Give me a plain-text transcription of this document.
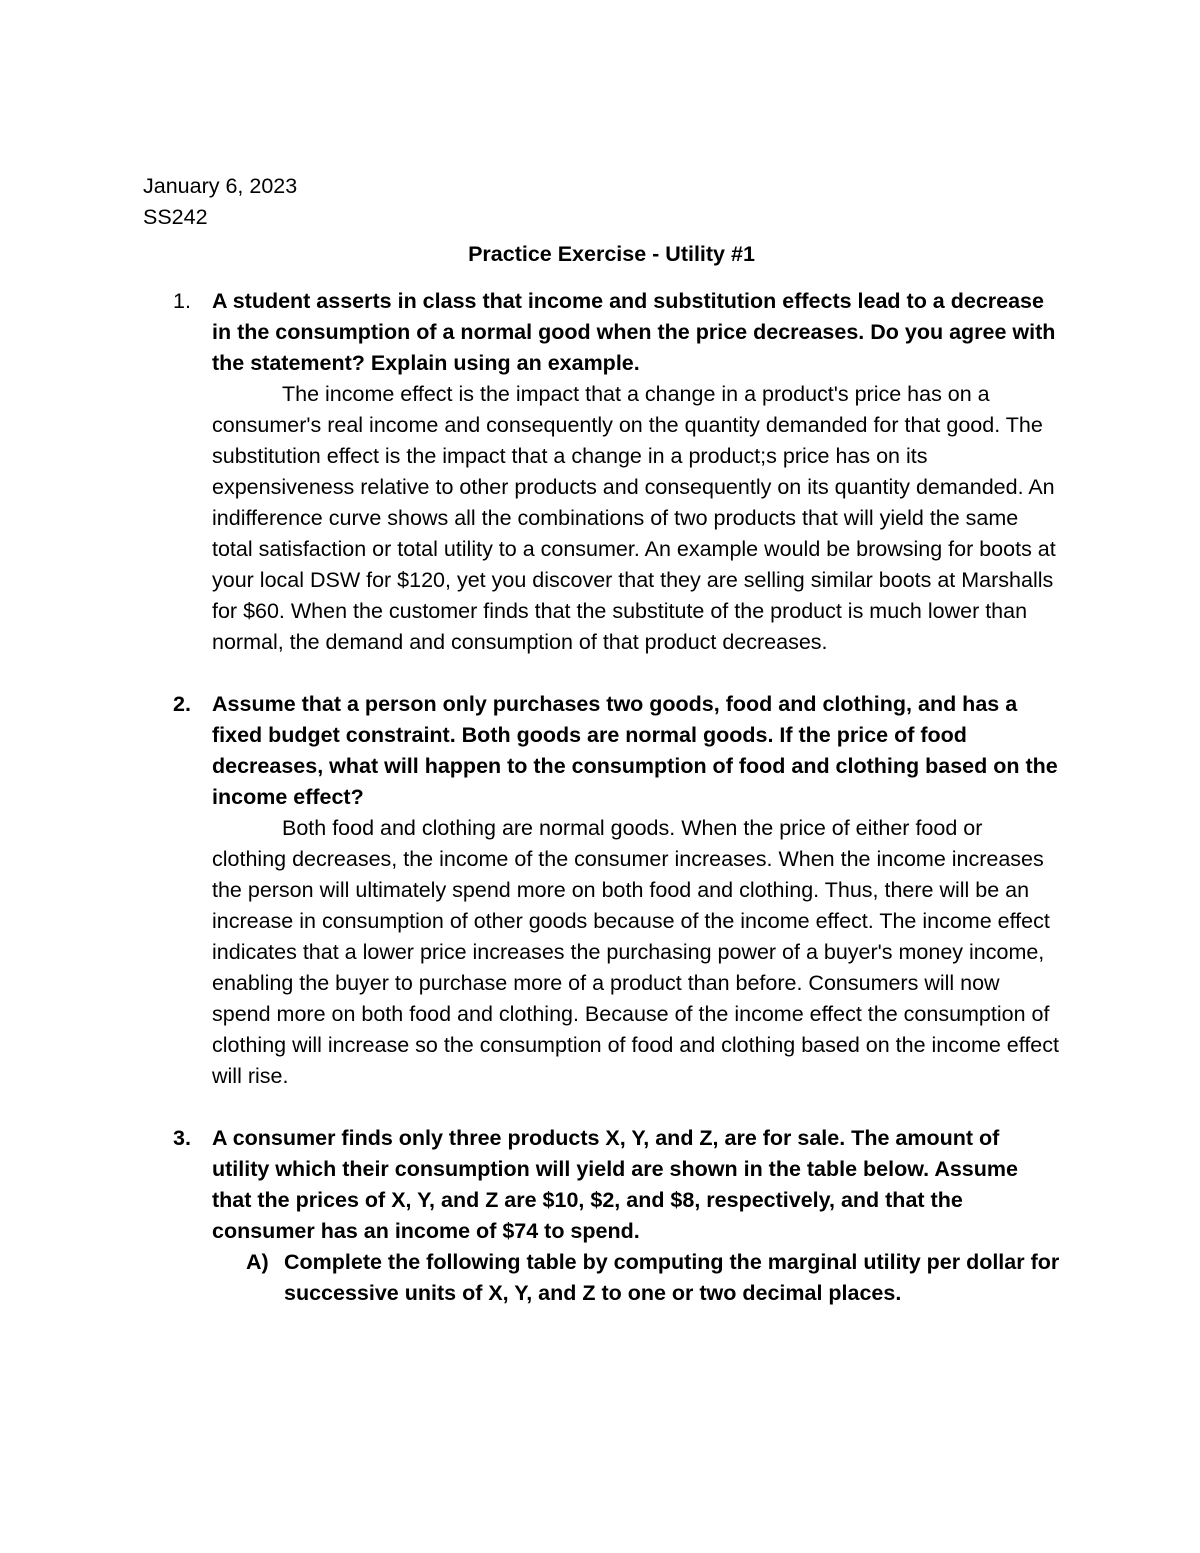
January 6, 2023
SS242
Practice Exercise - Utility #1
1. A student asserts in class that income and substitution effects lead to a decrease in the consumption of a normal good when the price decreases. Do you agree with the statement? Explain using an example.
The income effect is the impact that a change in a product's price has on a consumer's real income and consequently on the quantity demanded for that good. The substitution effect is the impact that a change in a product;s price has on its expensiveness relative to other products and consequently on its quantity demanded. An indifference curve shows all the combinations of two products that will yield the same total satisfaction or total utility to a consumer. An example would be browsing for boots at your local DSW for $120, yet you discover that they are selling similar boots at Marshalls for $60. When the customer finds that the substitute of the product is much lower than normal, the demand and consumption of that product decreases.
2. Assume that a person only purchases two goods, food and clothing, and has a fixed budget constraint. Both goods are normal goods. If the price of food decreases, what will happen to the consumption of food and clothing based on the income effect?
Both food and clothing are normal goods. When the price of either food or clothing decreases, the income of the consumer increases. When the income increases the person will ultimately spend more on both food and clothing. Thus, there will be an increase in consumption of other goods because of the income effect. The income effect indicates that a lower price increases the purchasing power of a buyer's money income, enabling the buyer to purchase more of a product than before. Consumers will now spend more on both food and clothing. Because of the income effect the consumption of clothing will increase so the consumption of food and clothing based on the income effect will rise.
3. A consumer finds only three products X, Y, and Z, are for sale. The amount of utility which their consumption will yield are shown in the table below. Assume that the prices of X, Y, and Z are $10, $2, and $8, respectively, and that the consumer has an income of $74 to spend.
A) Complete the following table by computing the marginal utility per dollar for successive units of X, Y, and Z to one or two decimal places.
